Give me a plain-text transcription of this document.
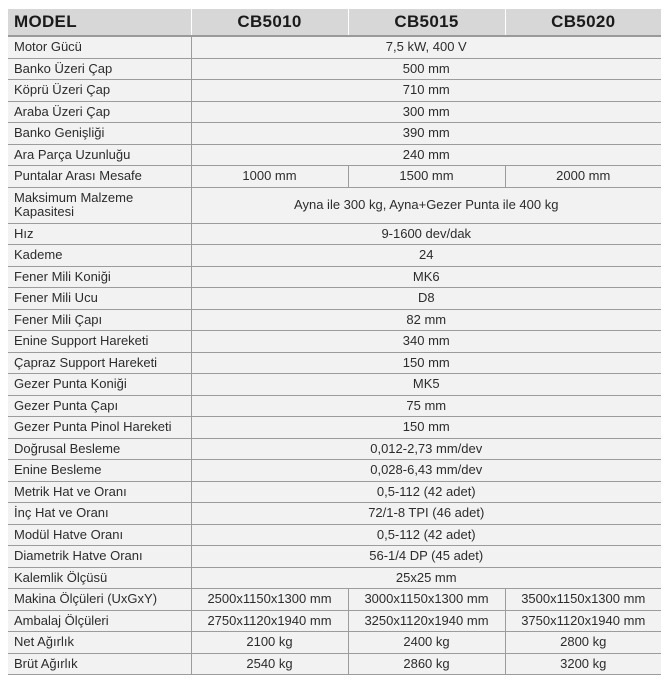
MODEL	CB5010	CB5015	CB5020
Motor Gücü	7,5 kW, 400 V		
Banko Üzeri Çap	500 mm		
Köprü Üzeri Çap	710 mm		
Araba Üzeri Çap	300 mm		
Banko Genişliği	390 mm		
Ara Parça Uzunluğu	240 mm		
Puntalar Arası Mesafe	1000 mm	1500 mm	2000 mm
Maksimum Malzeme Kapasitesi	Ayna ile 300 kg, Ayna+Gezer Punta ile 400 kg		
Hız	9-1600 dev/dak		
Kademe	24		
Fener Mili Koniği	MK6		
Fener Mili Ucu	D8		
Fener Mili Çapı	82 mm		
Enine Support Hareketi	340 mm		
Çapraz Support Hareketi	150 mm		
Gezer Punta Koniği	MK5		
Gezer Punta Çapı	75 mm		
Gezer Punta Pinol Hareketi	150 mm		
Doğrusal Besleme	0,012-2,73 mm/dev		
Enine Besleme	0,028-6,43 mm/dev		
Metrik Hat ve Oranı	0,5-112 (42 adet)		
İnç Hat ve Oranı	72/1-8 TPI (46 adet)		
Modül Hatve Oranı	0,5-112 (42 adet)		
Diametrik Hatve Oranı	56-1/4 DP (45 adet)		
Kalemlik Ölçüsü	25x25 mm		
Makina Ölçüleri (UxGxY)	2500x1150x1300 mm	3000x1150x1300 mm	3500x1150x1300 mm
Ambalaj Ölçüleri	2750x1120x1940 mm	3250x1120x1940 mm	3750x1120x1940 mm
Net Ağırlık	2100 kg	2400 kg	2800 kg
Brüt Ağırlık	2540 kg	2860 kg	3200 kg
